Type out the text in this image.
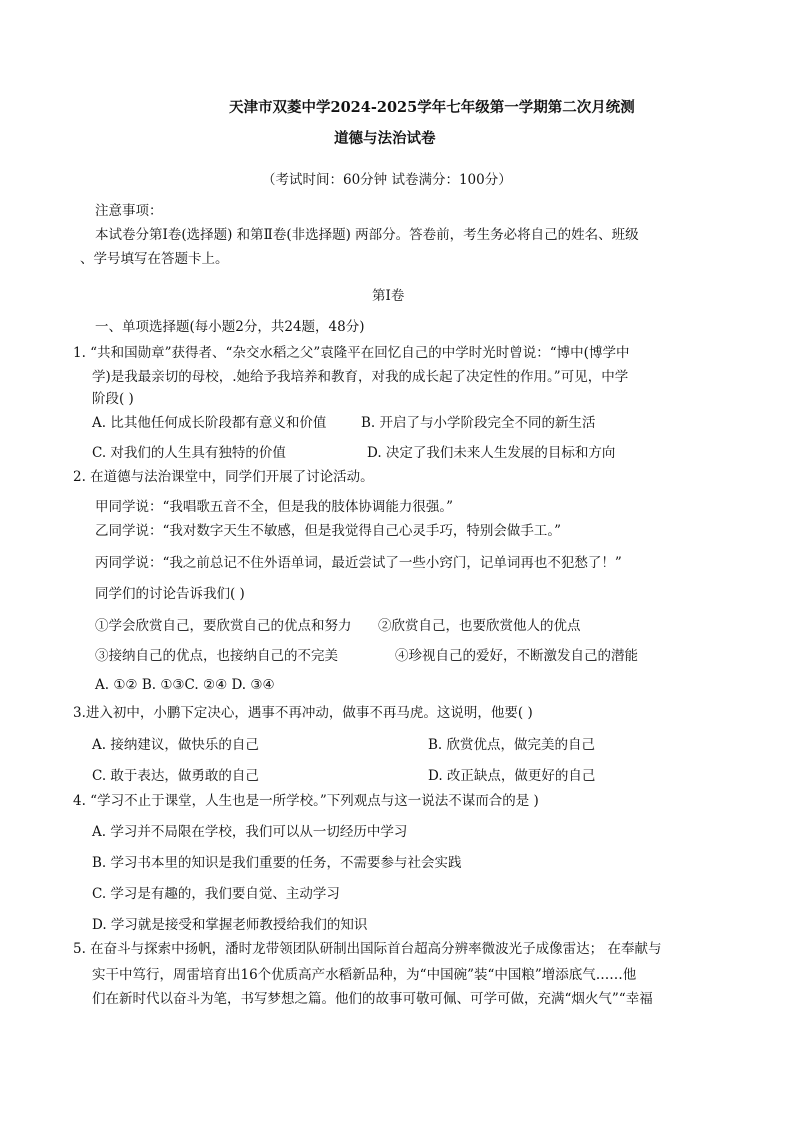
天津市双菱中学2024-2025学年七年级第一学期第二次月统测
道德与法治试卷
（考试时间：60分钟 试卷满分：100分）
注意事项：
本试卷分第Ⅰ卷(选择题) 和第Ⅱ卷(非选择题) 两部分。答卷前，考生务必将自己的姓名、班级
、学号填写在答题卡上。
第Ⅰ卷
一、单项选择题(每小题2分，共24题，48分)
1. “共和国勋章”获得者、“杂交水稻之父”袁隆平在回忆自己的中学时光时曾说：“博中(博学中
学)是我最亲切的母校，.她给予我培养和教育，对我的成长起了决定性的作用。”可见，中学
阶段( )
A. 比其他任何成长阶段都有意义和价值	B. 开启了与小学阶段完全不同的新生活
C. 对我们的人生具有独特的价值	D. 决定了我们未来人生发展的目标和方向
2. 在道德与法治课堂中，同学们开展了讨论活动。
甲同学说：“我唱歌五音不全，但是我的肢体协调能力很强。”
乙同学说：“我对数字天生不敏感，但是我觉得自己心灵手巧，特别会做手工。”
丙同学说：“我之前总记不住外语单词，最近尝试了一些小窍门，记单词再也不犯愁了！”
同学们的讨论告诉我们( )
①学会欣赏自己，要欣赏自己的优点和努力 ②欣赏自己，也要欣赏他人的优点
③接纳自己的优点，也接纳自己的不完美	④珍视自己的爱好，不断激发自己的潜能
A. ①② B. ①③C. ②④ D. ③④
3.进入初中，小鹏下定决心，遇事不再冲动，做事不再马虎。这说明，他要( )
A. 接纳建议，做快乐的自己	B. 欣赏优点，做完美的自己
C. 敢于表达，做勇敢的自己	D. 改正缺点，做更好的自己
4. “学习不止于课堂，人生也是一所学校。”下列观点与这一说法不谋而合的是 )
A. 学习并不局限在学校，我们可以从一切经历中学习
B. 学习书本里的知识是我们重要的任务，不需要参与社会实践
C. 学习是有趣的，我们要自觉、主动学习
D. 学习就是接受和掌握老师教授给我们的知识
5. 在奋斗与探索中扬帆，潘时龙带领团队研制出国际首台超高分辨率微波光子成像雷达； 在奉献与
实干中笃行，周雷培育出16个优质高产水稻新品种，为“中国碗”装“中国粮”增添底气……他
们在新时代以奋斗为笔，书写梦想之篇。他们的故事可敬可佩、可学可做，充满“烟火气”“幸福
